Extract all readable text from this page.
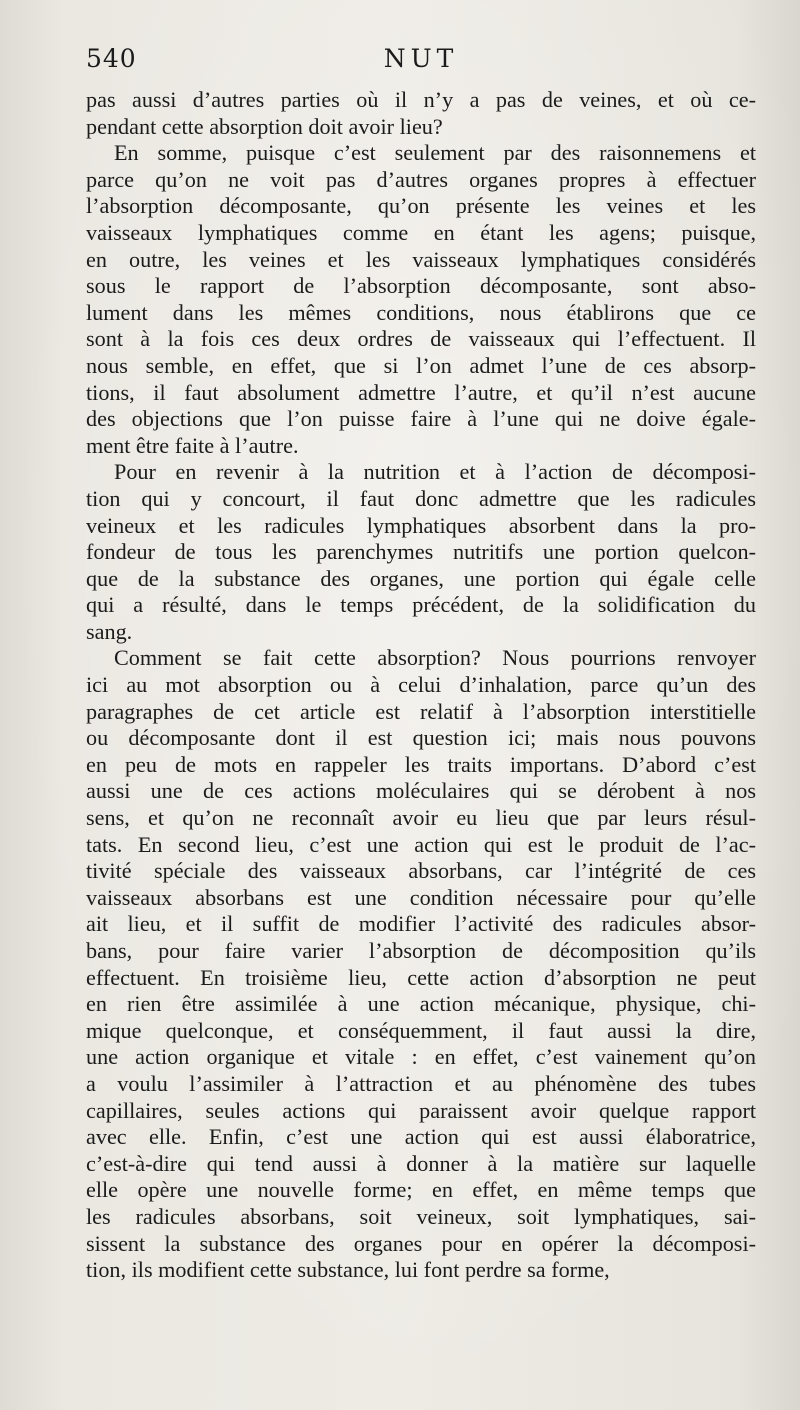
540	NUT

pas aussi d’autres parties où il n’y a pas de veines, et où ce-
pendant cette absorption doit avoir lieu?

En somme, puisque c’est seulement par des raisonnemens et
parce qu’on ne voit pas d’autres organes propres à effectuer
l’absorption décomposante, qu’on présente les veines et les
vaisseaux lymphatiques comme en étant les agens; puisque,
en outre, les veines et les vaisseaux lymphatiques considérés
sous le rapport de l’absorption décomposante, sont abso-
lument dans les mêmes conditions, nous établirons que ce
sont à la fois ces deux ordres de vaisseaux qui l’effectuent. Il
nous semble, en effet, que si l’on admet l’une de ces absorp-
tions, il faut absolument admettre l’autre, et qu’il n’est aucune
des objections que l’on puisse faire à l’une qui ne doive égale-
ment être faite à l’autre.

Pour en revenir à la nutrition et à l’action de décomposi-
tion qui y concourt, il faut donc admettre que les radicules
veineux et les radicules lymphatiques absorbent dans la pro-
fondeur de tous les parenchymes nutritifs une portion quelcon-
que de la substance des organes, une portion qui égale celle
qui a résulté, dans le temps précédent, de la solidification du
sang.

Comment se fait cette absorption? Nous pourrions renvoyer
ici au mot absorption ou à celui d’inhalation, parce qu’un des
paragraphes de cet article est relatif à l’absorption interstitielle
ou décomposante dont il est question ici; mais nous pouvons
en peu de mots en rappeler les traits importans. D’abord c’est
aussi une de ces actions moléculaires qui se dérobent à nos
sens, et qu’on ne reconnaît avoir eu lieu que par leurs résul-
tats. En second lieu, c’est une action qui est le produit de l’ac-
tivité spéciale des vaisseaux absorbans, car l’intégrité de ces
vaisseaux absorbans est une condition nécessaire pour qu’elle
ait lieu, et il suffit de modifier l’activité des radicules absor-
bans, pour faire varier l’absorption de décomposition qu’ils
effectuent. En troisième lieu, cette action d’absorption ne peut
en rien être assimilée à une action mécanique, physique, chi-
mique quelconque, et conséquemment, il faut aussi la dire,
une action organique et vitale : en effet, c’est vainement qu’on
a voulu l’assimiler à l’attraction et au phénomène des tubes
capillaires, seules actions qui paraissent avoir quelque rapport
avec elle. Enfin, c’est une action qui est aussi élaboratrice,
c’est-à-dire qui tend aussi à donner à la matière sur laquelle
elle opère une nouvelle forme; en effet, en même temps que
les radicules absorbans, soit veineux, soit lymphatiques, sai-
sissent la substance des organes pour en opérer la décomposi-
tion, ils modifient cette substance, lui font perdre sa forme,
